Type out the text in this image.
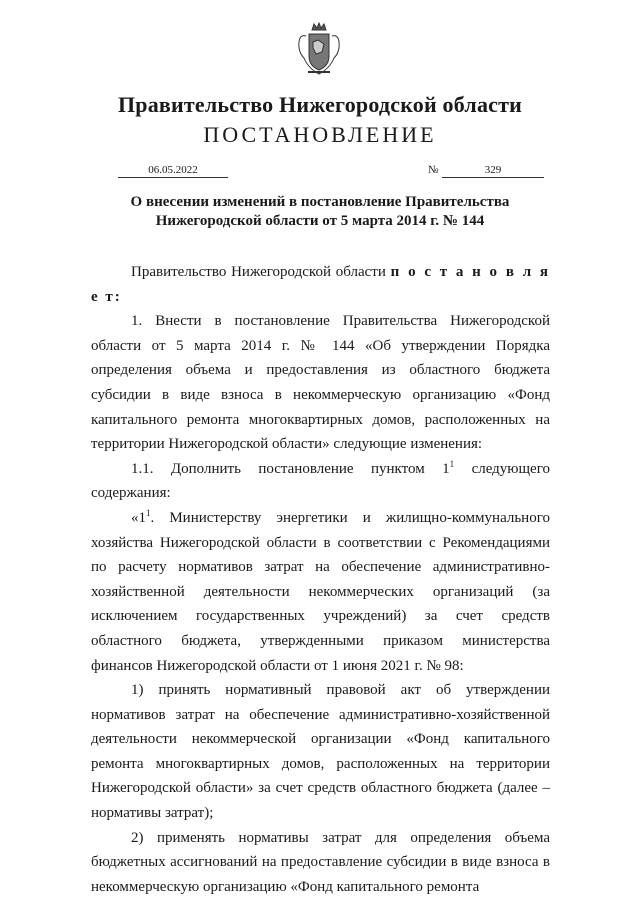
Правительство Нижегородской области
ПОСТАНОВЛЕНИЕ
06.05.2022	№	329
О внесении изменений в постановление Правительства
Нижегородской области от 5 марта 2014 г. № 144

Правительство Нижегородской области п о с т а н о в л я е т:

1. Внести в постановление Правительства Нижегородской области от 5 марта 2014 г. № 144 «Об утверждении Порядка определения объема и предоставления из областного бюджета субсидии в виде взноса в некоммерческую организацию «Фонд капитального ремонта многоквартирных домов, расположенных на территории Нижегородской области» следующие изменения:

1.1. Дополнить постановление пунктом $1^1$ следующего содержания:

«$1^1$. Министерству энергетики и жилищно-коммунального хозяйства Нижегородской области в соответствии с Рекомендациями по расчету нормативов затрат на обеспечение административно-хозяйственной деятельности некоммерческих организаций (за исключением государственных учреждений) за счет средств областного бюджета, утвержденными приказом министерства финансов Нижегородской области от 1 июня 2021 г. № 98:

1) принять нормативный правовой акт об утверждении нормативов затрат на обеспечение административно-хозяйственной деятельности некоммерческой организации «Фонд капитального ремонта многоквартирных домов, расположенных на территории Нижегородской области» за счет средств областного бюджета (далее – нормативы затрат);

2) применять нормативы затрат для определения объема бюджетных ассигнований на предоставление субсидии в виде взноса в некоммерческую организацию «Фонд капитального ремонта
